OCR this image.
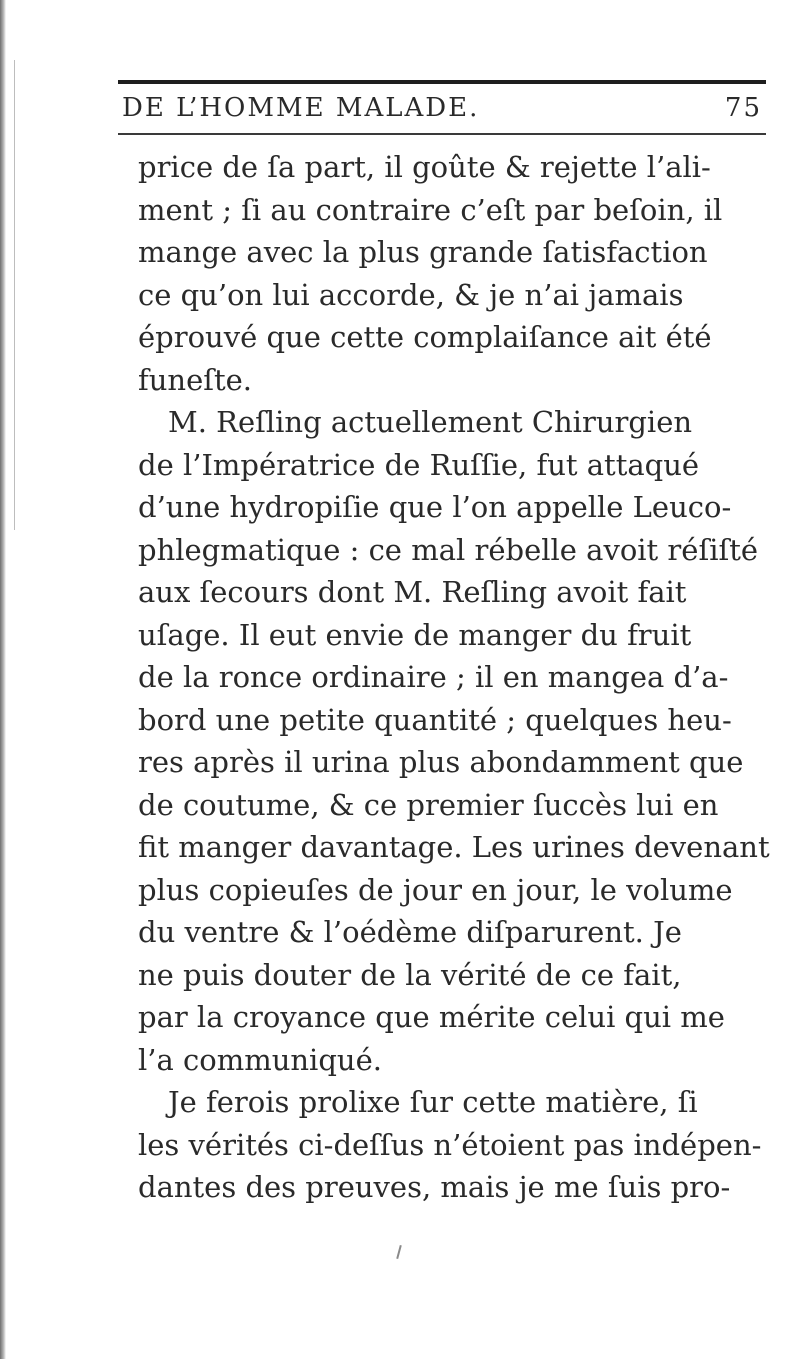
DE L’HOMME MALADE.	75
price de ſa part, il goûte & rejette l’ali-
ment ; ſi au contraire c’eſt par beſoin, il
mange avec la plus grande ſatisfaction
ce qu’on lui accorde, & je n’ai jamais
éprouvé que cette complaiſance ait été
funeſte.
M. Reſling actuellement Chirurgien
de l’Impératrice de Ruſſie, fut attaqué
d’une hydropiſie que l’on appelle Leuco-
phlegmatique : ce mal rébelle avoit réſiſté
aux ſecours dont M. Reſling avoit fait
uſage. Il eut envie de manger du fruit
de la ronce ordinaire ; il en mangea d’a-
bord une petite quantité ; quelques heu-
res après il urina plus abondamment que
de coutume, & ce premier ſuccès lui en
fit manger davantage. Les urines devenant
plus copieuſes de jour en jour, le volume
du ventre & l’oédème diſparurent. Je
ne puis douter de la vérité de ce fait,
par la croyance que mérite celui qui me
l’a communiqué.
Je ferois prolixe ſur cette matière, ſi
les vérités ci-deſſus n’étoient pas indépen-
dantes des preuves, mais je me ſuis pro-
